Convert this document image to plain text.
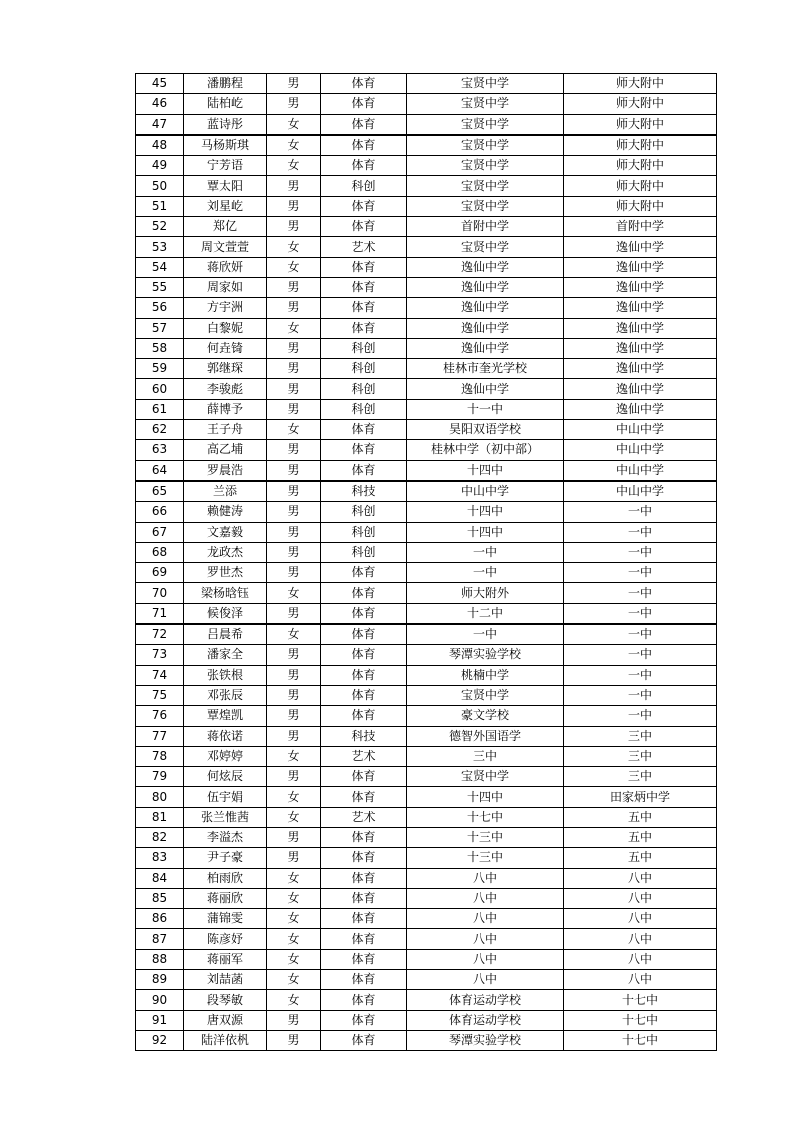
45	潘鹏程	男	体育	宝贤中学	师大附中
46	陆柏屹	男	体育	宝贤中学	师大附中
47	蓝诗彤	女	体育	宝贤中学	师大附中
48	马杨斯琪	女	体育	宝贤中学	师大附中
49	宁芳语	女	体育	宝贤中学	师大附中
50	覃太阳	男	科创	宝贤中学	师大附中
51	刘星屹	男	体育	宝贤中学	师大附中
52	郑亿	男	体育	首附中学	首附中学
53	周文萱萱	女	艺术	宝贤中学	逸仙中学
54	蒋欣妍	女	体育	逸仙中学	逸仙中学
55	周家如	男	体育	逸仙中学	逸仙中学
56	方宇洲	男	体育	逸仙中学	逸仙中学
57	白黎妮	女	体育	逸仙中学	逸仙中学
58	何垚锜	男	科创	逸仙中学	逸仙中学
59	郭继琛	男	科创	桂林市奎光学校	逸仙中学
60	李骏彪	男	科创	逸仙中学	逸仙中学
61	薛博予	男	科创	十一中	逸仙中学
62	王子舟	女	体育	昊阳双语学校	中山中学
63	高乙埔	男	体育	桂林中学（初中部）	中山中学
64	罗晨浩	男	体育	十四中	中山中学
65	兰添	男	科技	中山中学	中山中学
66	赖健涛	男	科创	十四中	一中
67	文嘉毅	男	科创	十四中	一中
68	龙政杰	男	科创	一中	一中
69	罗世杰	男	体育	一中	一中
70	梁杨晗钰	女	体育	师大附外	一中
71	候俊泽	男	体育	十二中	一中
72	吕晨希	女	体育	一中	一中
73	潘家全	男	体育	琴潭实验学校	一中
74	张铁根	男	体育	桃楠中学	一中
75	邓张辰	男	体育	宝贤中学	一中
76	覃煌凯	男	体育	豪文学校	一中
77	蒋依诺	男	科技	德智外国语学	三中
78	邓婷婷	女	艺术	三中	三中
79	何炫辰	男	体育	宝贤中学	三中
80	伍宇娟	女	体育	十四中	田家炳中学
81	张兰惟茜	女	艺术	十七中	五中
82	李溢杰	男	体育	十三中	五中
83	尹子豪	男	体育	十三中	五中
84	柏雨欣	女	体育	八中	八中
85	蒋丽欣	女	体育	八中	八中
86	蒲锦雯	女	体育	八中	八中
87	陈彦妤	女	体育	八中	八中
88	蒋丽军	女	体育	八中	八中
89	刘喆菡	女	体育	八中	八中
90	段琴敏	女	体育	体育运动学校	十七中
91	唐双源	男	体育	体育运动学校	十七中
92	陆洋依杋	男	体育	琴潭实验学校	十七中
